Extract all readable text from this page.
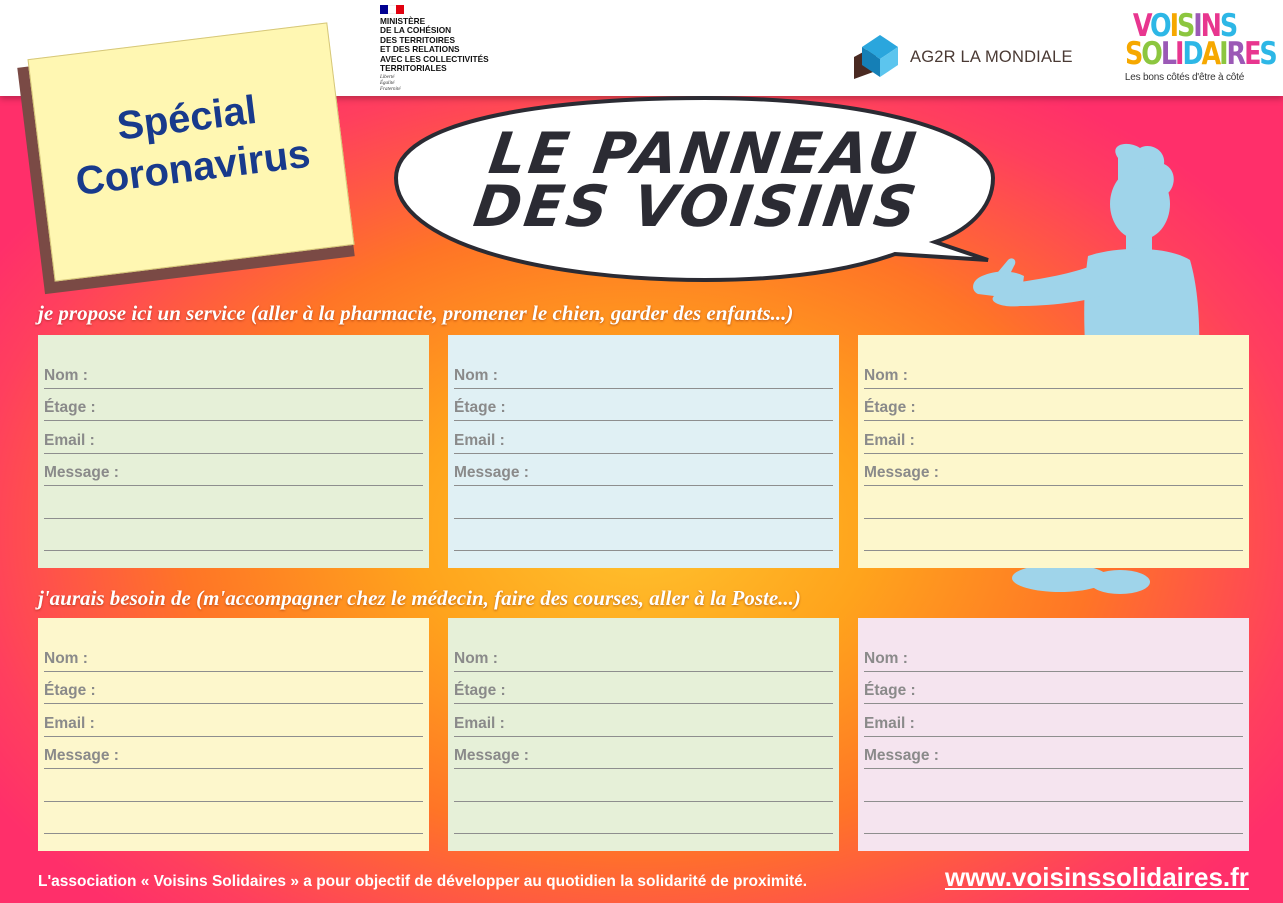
MINISTÈRE
DE LA COHÉSION
DES TERRITOIRES
ET DES RELATIONS
AVEC LES COLLECTIVITÉS
TERRITORIALES
Liberté
Égalité
Fraternité
AG2R LA MONDIALE
VOISINS
SOLIDAIRES
Les bons côtés d'être à côté
Spécial
Coronavirus	LE PANNEAU
DES VOISINS
je propose ici un service (aller à la pharmacie, promener le chien, garder des enfants...)
j'aurais besoin de (m'accompagner chez le médecin, faire des courses, aller à la Poste...)
Nom :
Étage :
Email :
Message :
Nom :
Étage :
Email :
Message :
Nom :
Étage :
Email :
Message :
Nom :
Étage :
Email :
Message :
Nom :
Étage :
Email :
Message :
Nom :
Étage :
Email :
Message :
L'association « Voisins Solidaires » a pour objectif de développer au quotidien la solidarité de proximité.	www.voisinssolidaires.fr
